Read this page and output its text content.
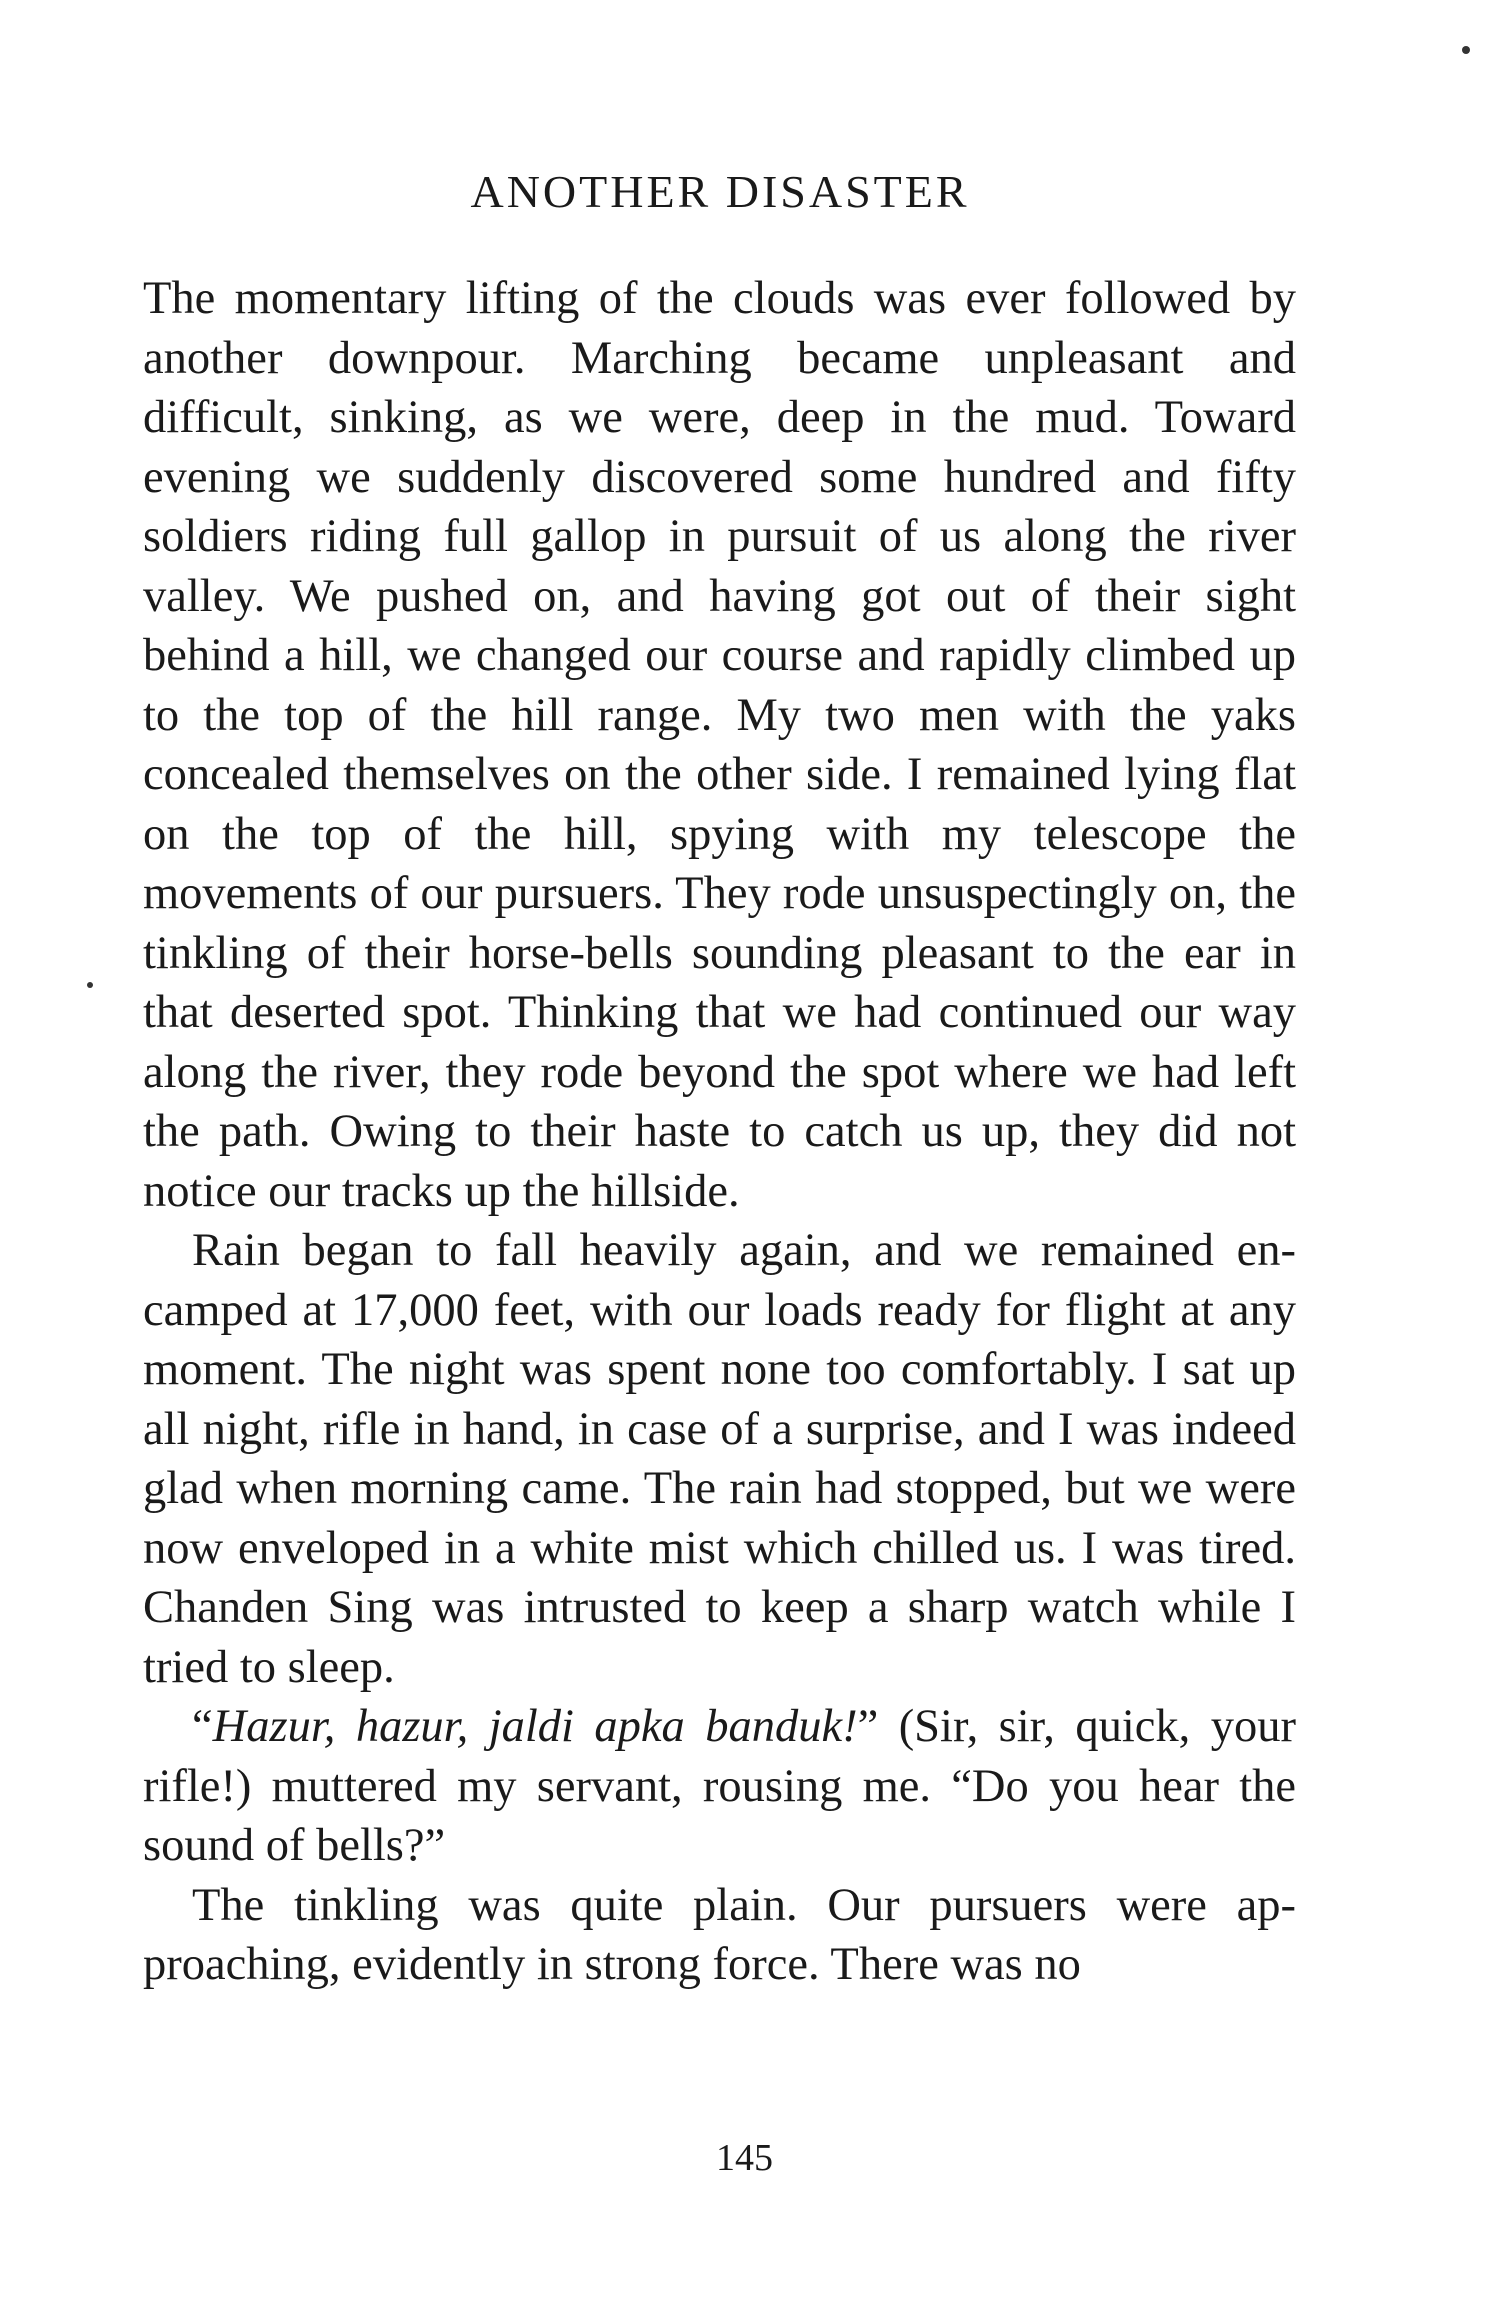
ANOTHER DISASTER

The momentary lifting of the clouds was ever followed by another downpour. Marching became unpleasant and difficult, sinking, as we were, deep in the mud. Toward evening we suddenly discovered some hundred and fifty soldiers riding full gallop in pursuit of us along the river valley. We pushed on, and having got out of their sight behind a hill, we changed our course and rapidly climbed up to the top of the hill range. My two men with the yaks concealed themselves on the other side. I remained lying flat on the top of the hill, spying with my telescope the movements of our pursuers. They rode unsuspectingly on, the tinkling of their horse-bells sounding pleasant to the ear in that deserted spot. Thinking that we had continued our way along the river, they rode beyond the spot where we had left the path. Owing to their haste to catch us up, they did not notice our tracks up the hillside.

Rain began to fall heavily again, and we remained encamped at 17,000 feet, with our loads ready for flight at any moment. The night was spent none too comfortably. I sat up all night, rifle in hand, in case of a surprise, and I was indeed glad when morning came. The rain had stopped, but we were now enveloped in a white mist which chilled us. I was tired. Chanden Sing was intrusted to keep a sharp watch while I tried to sleep.

“Hazur, hazur, jaldi apka banduk!” (Sir, sir, quick, your rifle!) muttered my servant, rousing me. “Do you hear the sound of bells?”

The tinkling was quite plain. Our pursuers were approaching, evidently in strong force. There was no

145
